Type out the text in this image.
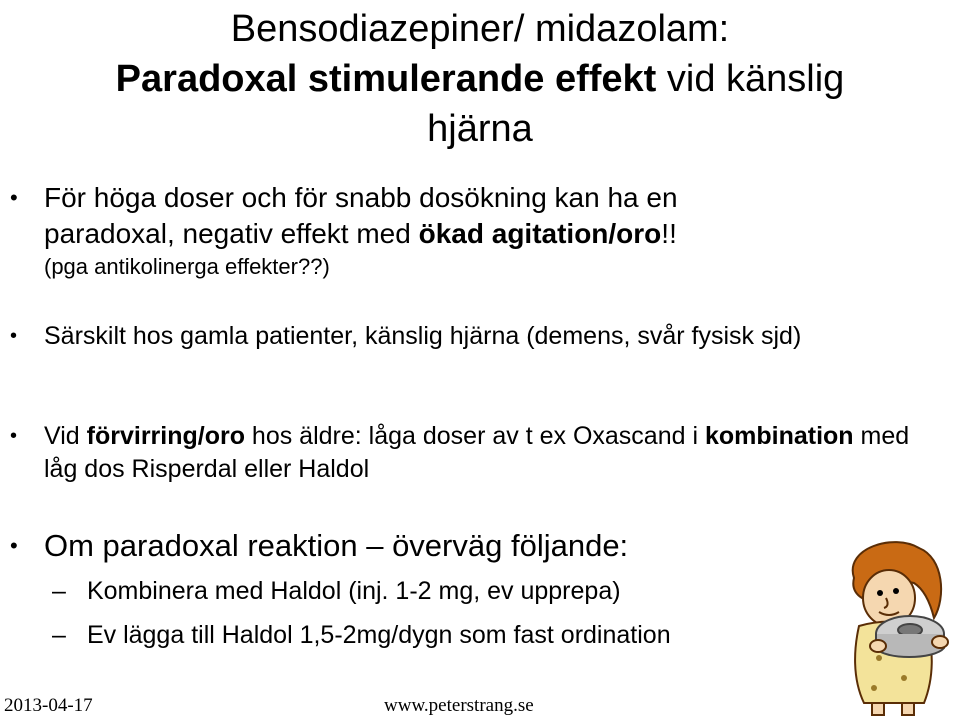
Bensodiazepiner/ midazolam:
Paradoxal stimulerande effekt vid känslig
hjärna
• För höga doser och för snabb dosökning kan ha en
paradoxal, negativ effekt med ökad agitation/oro!!
(pga antikolinerga effekter??)
• Särskilt hos gamla patienter, känslig hjärna (demens, svår fysisk sjd)
• Vid förvirring/oro hos äldre: låga doser av t ex Oxascand i kombination med låg dos Risperdal eller Haldol
• Om paradoxal reaktion – överväg följande:
– Kombinera med Haldol (inj. 1-2 mg, ev upprepa)
– Ev lägga till Haldol 1,5-2mg/dygn som fast ordination
2013-04-17	www.peterstrang.se
